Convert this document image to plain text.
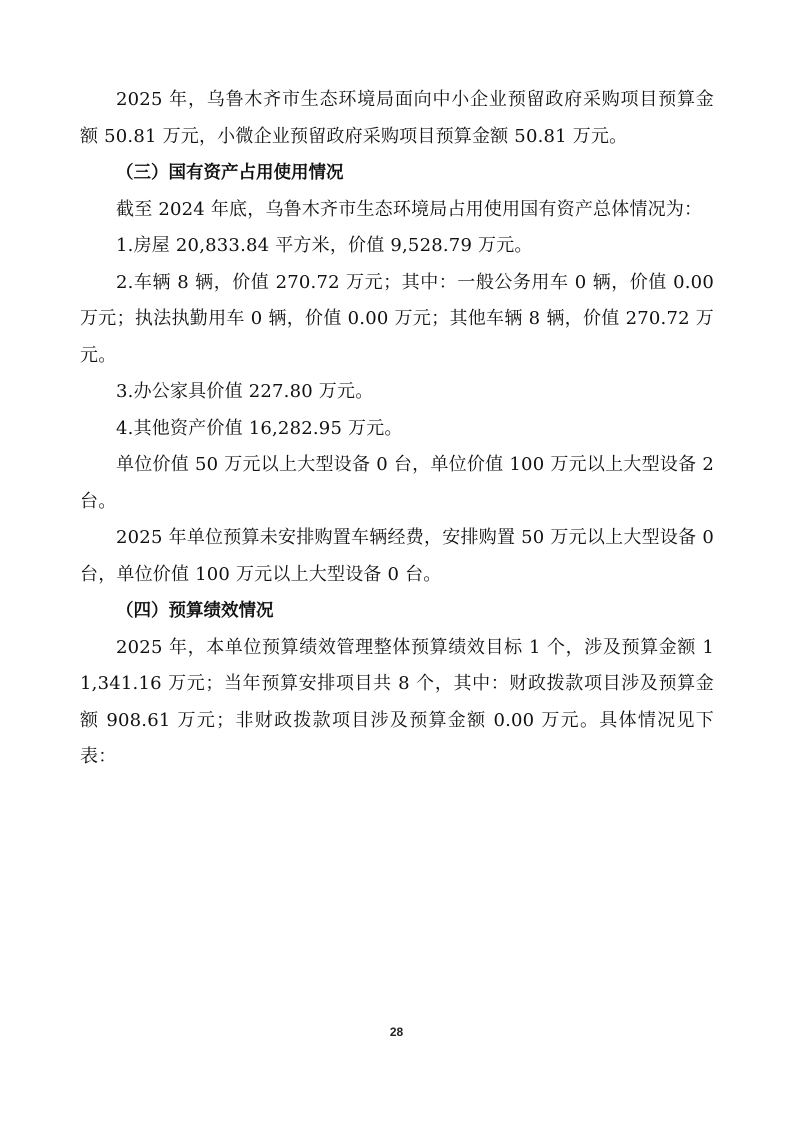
2025 年，乌鲁木齐市生态环境局面向中小企业预留政府采购项目预算金额 50.81 万元，小微企业预留政府采购项目预算金额 50.81 万元。

（三）国有资产占用使用情况

截至 2024 年底，乌鲁木齐市生态环境局占用使用国有资产总体情况为：

1.房屋 20,833.84 平方米，价值 9,528.79 万元。

2.车辆 8 辆，价值 270.72 万元；其中：一般公务用车 0 辆，价值 0.00 万元；执法执勤用车 0 辆，价值 0.00 万元；其他车辆 8 辆，价值 270.72 万元。

3.办公家具价值 227.80 万元。

4.其他资产价值 16,282.95 万元。

单位价值 50 万元以上大型设备 0 台，单位价值 100 万元以上大型设备 2 台。

2025 年单位预算未安排购置车辆经费，安排购置 50 万元以上大型设备 0 台，单位价值 100 万元以上大型设备 0 台。

（四）预算绩效情况

2025 年，本单位预算绩效管理整体预算绩效目标 1 个，涉及预算金额 11,341.16 万元；当年预算安排项目共 8 个，其中：财政拨款项目涉及预算金额 908.61 万元；非财政拨款项目涉及预算金额 0.00 万元。具体情况见下表：

28
